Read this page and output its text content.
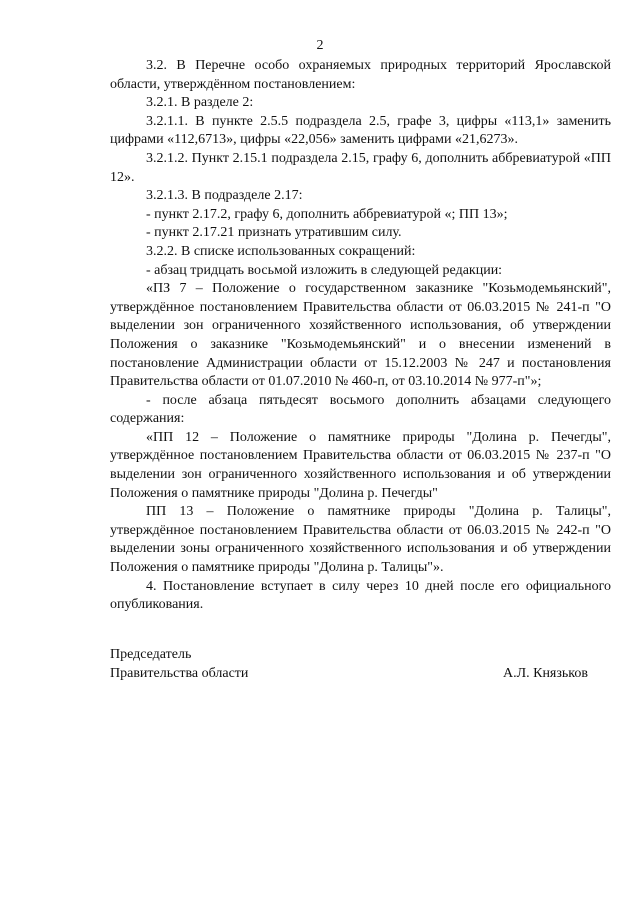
2

3.2. В Перечне особо охраняемых природных территорий Ярославской области, утверждённом постановлением:

3.2.1. В разделе 2:

3.2.1.1. В пункте 2.5.5 подраздела 2.5, графе 3, цифры «113,1» заменить цифрами «112,6713», цифры «22,056» заменить цифрами «21,6273».

3.2.1.2. Пункт 2.15.1 подраздела 2.15, графу 6, дополнить аббревиатурой «ПП 12».

3.2.1.3. В подразделе 2.17:

- пункт 2.17.2, графу 6, дополнить аббревиатурой «; ПП 13»;

- пункт 2.17.21 признать утратившим силу.

3.2.2. В списке использованных сокращений:

- абзац тридцать восьмой изложить в следующей редакции:

«ПЗ 7 – Положение о государственном заказнике "Козьмодемьянский", утверждённое постановлением Правительства области от 06.03.2015 № 241-п "О выделении зон ограниченного хозяйственного использования, об утверждении Положения о заказнике "Козьмодемьянский" и о внесении изменений в постановление Администрации области от 15.12.2003 № 247 и постановления Правительства области от 01.07.2010 № 460-п, от 03.10.2014 № 977-п"»;

- после абзаца пятьдесят восьмого дополнить абзацами следующего содержания:

«ПП 12 – Положение о памятнике природы "Долина р. Печегды", утверждённое постановлением Правительства области от 06.03.2015 № 237-п "О выделении зон ограниченного хозяйственного использования и об утверждении Положения о памятнике природы "Долина р. Печегды"

ПП 13 – Положение о памятнике природы "Долина р. Талицы", утверждённое постановлением Правительства области от 06.03.2015 № 242-п "О выделении зоны ограниченного хозяйственного использования и об утверждении Положения о памятнике природы "Долина р. Талицы"».

4. Постановление вступает в силу через 10 дней после его официального опубликования.

Председатель
Правительства области	А.Л. Князьков
